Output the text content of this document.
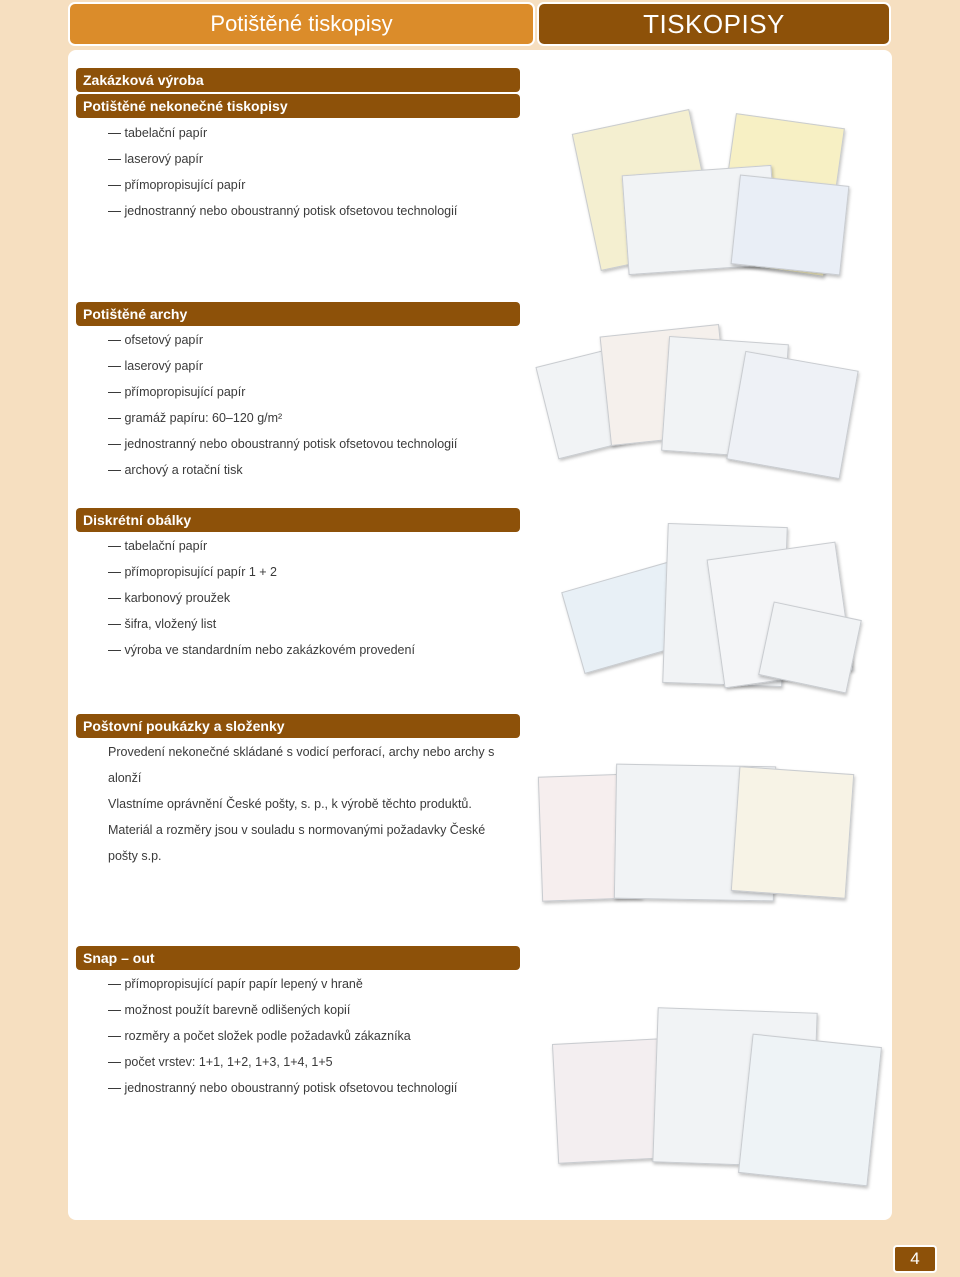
Potištěné tiskopisy	TISKOPISY
Zakázková výroba
Potištěné nekonečné tiskopisy
tabelační papír
laserový papír
přímopropisující papír
jednostranný nebo oboustranný potisk ofsetovou technologií
Potištěné archy
ofsetový papír
laserový papír
přímopropisující papír
gramáž papíru: 60–120 g/m²
jednostranný nebo oboustranný potisk ofsetovou technologií
archový a rotační tisk
Diskrétní obálky
tabelační papír
přímopropisující papír 1 + 2
karbonový proužek
šifra, vložený list
výroba ve standardním nebo zakázkovém provedení
Poštovní poukázky a složenky

Provedení nekonečné skládané s vodicí perforací, archy nebo archy s alonží

Vlastníme oprávnění České pošty, s. p., k výrobě těchto produktů. Materiál a rozměry jsou v souladu s normovanými požadavky České pošty s.p.

Snap – out
přímopropisující papír papír lepený v hraně
možnost použít barevně odlišených kopií
rozměry a počet složek podle požadavků zákazníka
počet vrstev: 1+1, 1+2, 1+3, 1+4, 1+5
jednostranný nebo oboustranný potisk ofsetovou technologií
4
